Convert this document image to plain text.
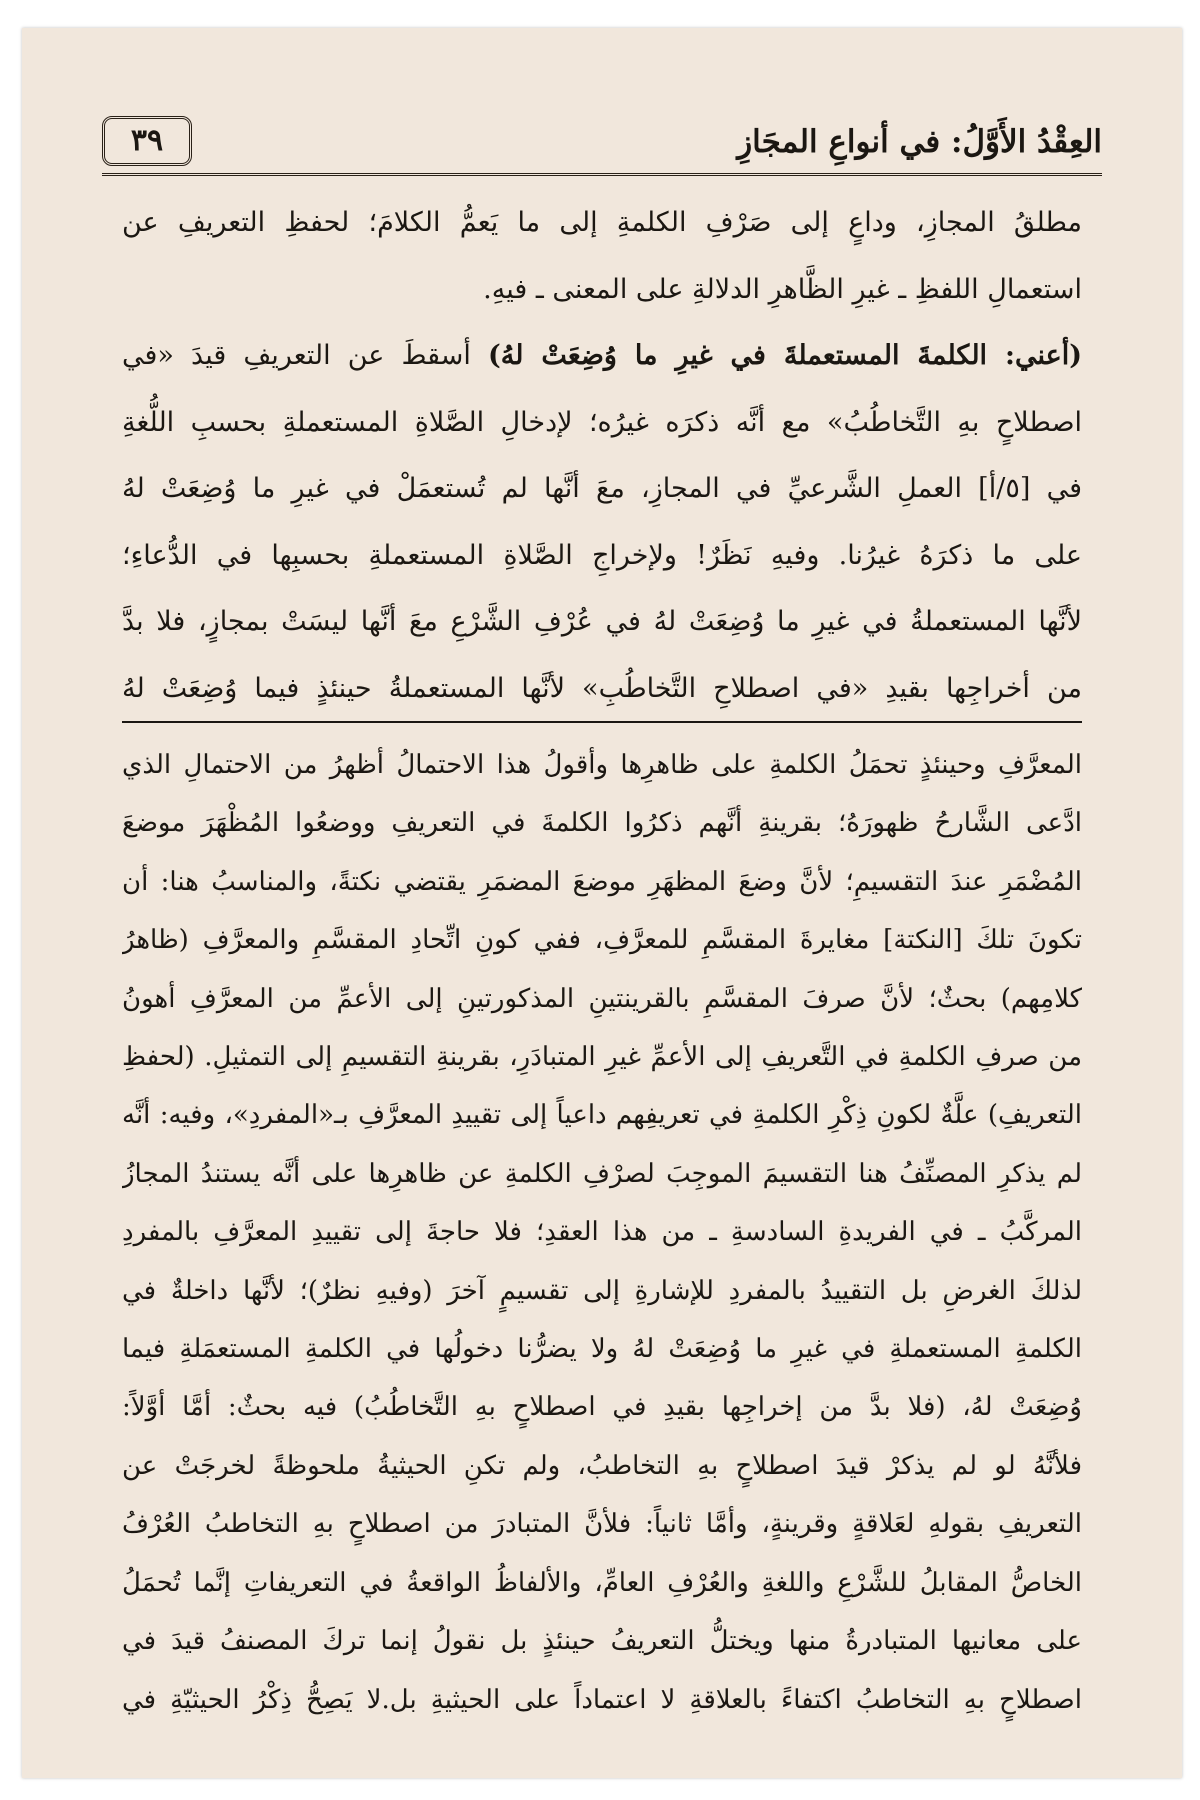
العِقْدُ الأَوَّلُ: في أنواعِ المجَازِ
٣٩
مطلقُ المجازِ، وداعٍ إلى صَرْفِ الكلمةِ إلى ما يَعمُّ الكلامَ؛ لحفظِ التعريفِ عن
استعمالِ اللفظِ ـ غيرِ الظَّاهرِ الدلالةِ على المعنى ـ فيهِ.
(أعني: الكلمةَ المستعملةَ في غيرِ ما وُضِعَتْ لهُ) أسقطَ عن التعريفِ قيدَ «في
اصطلاحٍ بهِ التَّخاطُبُ» مع أنَّه ذكرَه غيرُه؛ لإدخالِ الصَّلاةِ المستعملةِ بحسبِ اللُّغةِ
في [٥/أ] العملِ الشَّرعيِّ في المجازِ، معَ أنَّها لم تُستعمَلْ في غيرِ ما وُضِعَتْ لهُ
على ما ذكرَهُ غيرُنا. وفيهِ نَظَرٌ! ولإخراجِ الصَّلاةِ المستعملةِ بحسبِها في الدُّعاءِ؛
لأنَّها المستعملةُ في غيرِ ما وُضِعَتْ لهُ في عُرْفِ الشَّرْعِ معَ أنَّها ليسَتْ بمجازٍ، فلا بدَّ
من أخراجِها بقيدِ «في اصطلاحِ التَّخاطُبِ» لأنَّها المستعملةُ حينئذٍ فيما وُضِعَتْ لهُ
المعرَّفِ وحينئذٍ تحمَلُ الكلمةِ على ظاهرِها وأقولُ هذا الاحتمالُ أظهرُ من الاحتمالِ الذي
ادَّعى الشَّارحُ ظهورَهُ؛ بقرينةِ أنَّهم ذكرُوا الكلمةَ في التعريفِ ووضعُوا المُظْهَرَ موضعَ
المُضْمَرِ عندَ التقسيمِ؛ لأنَّ وضعَ المظهَرِ موضعَ المضمَرِ يقتضي نكتةً، والمناسبُ هنا: أن
تكونَ تلكَ [النكتة] مغايرةَ المقسَّمِ للمعرَّفِ، ففي كونِ اتِّحادِ المقسَّمِ والمعرَّفِ (ظاهرُ
كلامِهم) بحثٌ؛ لأنَّ صرفَ المقسَّمِ بالقرينتينِ المذكورتينِ إلى الأعمِّ من المعرَّفِ أهونُ
من صرفِ الكلمةِ في التَّعريفِ إلى الأعمِّ غيرِ المتبادَرِ، بقرينةِ التقسيمِ إلى التمثيلِ. (لحفظِ
التعريفِ) علَّةٌ لكونِ ذِكْرِ الكلمةِ في تعريفِهم داعياً إلى تقييدِ المعرَّفِ بـ«المفردِ»، وفيه: أنَّه
لم يذكرِ المصنِّفُ هنا التقسيمَ الموجِبَ لصرْفِ الكلمةِ عن ظاهرِها على أنَّه يستندُ المجازُ
المركَّبُ ـ في الفريدةِ السادسةِ ـ من هذا العقدِ؛ فلا حاجةَ إلى تقييدِ المعرَّفِ بالمفردِ
لذلكَ الغرضِ بل التقييدُ بالمفردِ للإشارةِ إلى تقسيمٍ آخرَ (وفيهِ نظرٌ)؛ لأنَّها داخلةٌ في
الكلمةِ المستعملةِ في غيرِ ما وُضِعَتْ لهُ ولا يضرُّنا دخولُها في الكلمةِ المستعمَلةِ فيما
وُضِعَتْ لهُ، (فلا بدَّ من إخراجِها بقيدِ في اصطلاحٍ بهِ التَّخاطُبُ) فيه بحثٌ: أمَّا أوَّلاً:
فلأنَّهُ لو لم يذكرْ قيدَ اصطلاحٍ بهِ التخاطبُ، ولم تكنِ الحيثيةُ ملحوظةً لخرجَتْ عن
التعريفِ بقولهِ لعَلاقةٍ وقرينةٍ، وأمَّا ثانياً: فلأنَّ المتبادرَ من اصطلاحٍ بهِ التخاطبُ العُرْفُ
الخاصُّ المقابلُ للشَّرْعِ واللغةِ والعُرْفِ العامِّ، والألفاظُ الواقعةُ في التعريفاتِ إنَّما تُحمَلُ
على معانيها المتبادرةُ منها ويختلُّ التعريفُ حينئذٍ بل نقولُ إنما تركَ المصنفُ قيدَ في
اصطلاحٍ بهِ التخاطبُ اكتفاءً بالعلاقةِ لا اعتماداً على الحيثيةِ بل.لا يَصِحُّ ذِكْرُ الحيثيّةِ في
